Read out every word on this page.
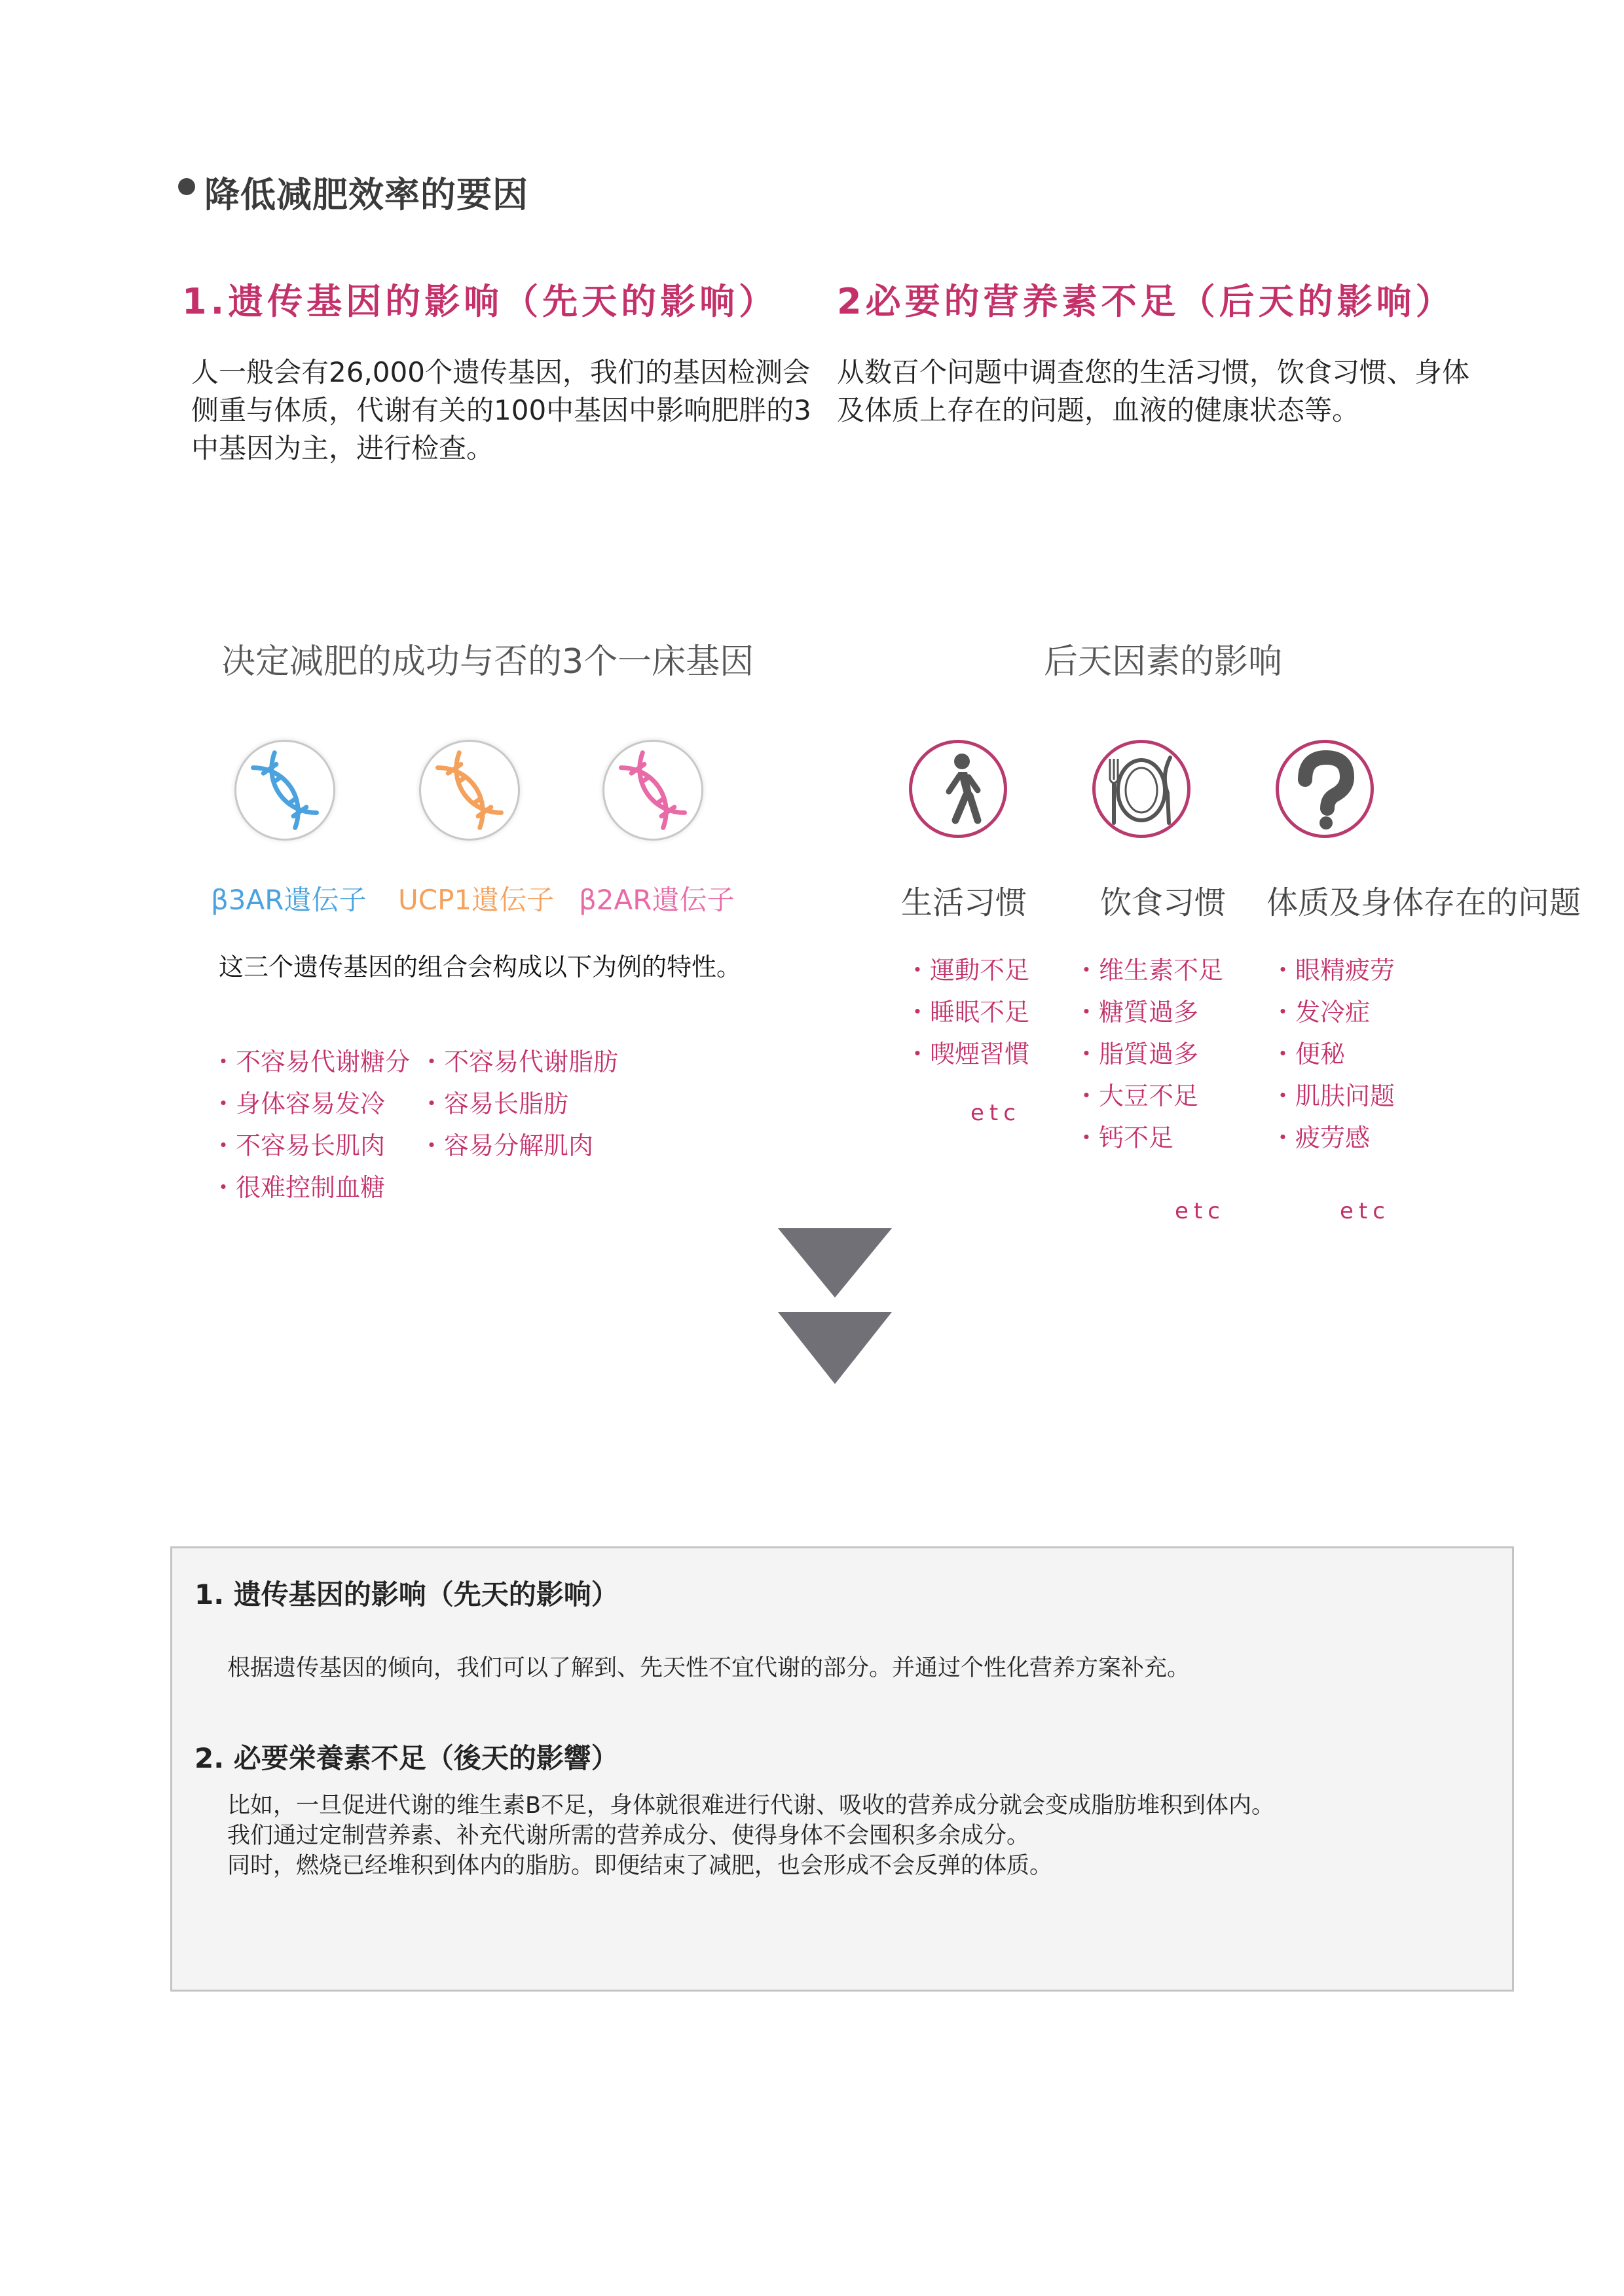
降低减肥效率的要因
1.遗传基因的影响（先天的影响） 2必要的营养素不足（后天的影响）
人一般会有26,000个遗传基因，我们的基因检测会
侧重与体质，代谢有关的100中基因中影响肥胖的3
中基因为主，进行检查。
从数百个问题中调查您的生活习惯，饮食习惯、身体
及体质上存在的问题，血液的健康状态等。
决定减肥的成功与否的3个一床基因
β3AR遺伝子 UCP1遺伝子 β2AR遺伝子
这三个遗传基因的组合会构成以下为例的特性。
・不容易代谢糖分
・身体容易发冷
・不容易长肌肉
・很难控制血糖
・不容易代谢脂肪
・容易长脂肪
・容易分解肌肉
后天因素的影响
生活习惯 饮食习惯 体质及身体存在的问题
・運動不足
・睡眠不足
・喫煙習慣
etc
・维生素不足
・糖質過多
・脂質過多
・大豆不足
・钙不足
etc
・眼精疲劳
・发冷症
・便秘
・肌肤问题
・疲劳感
etc
1. 遗传基因的影响（先天的影响）
根据遗传基因的倾向，我们可以了解到、先天性不宜代谢的部分。并通过个性化营养方案补充。
2. 必要栄養素不足（後天的影響）
比如，一旦促进代谢的维生素B不足，身体就很难进行代谢、吸收的营养成分就会变成脂肪堆积到体内。
我们通过定制营养素、补充代谢所需的营养成分、使得身体不会囤积多余成分。
同时，燃烧已经堆积到体内的脂肪。即便结束了减肥，也会形成不会反弹的体质。
